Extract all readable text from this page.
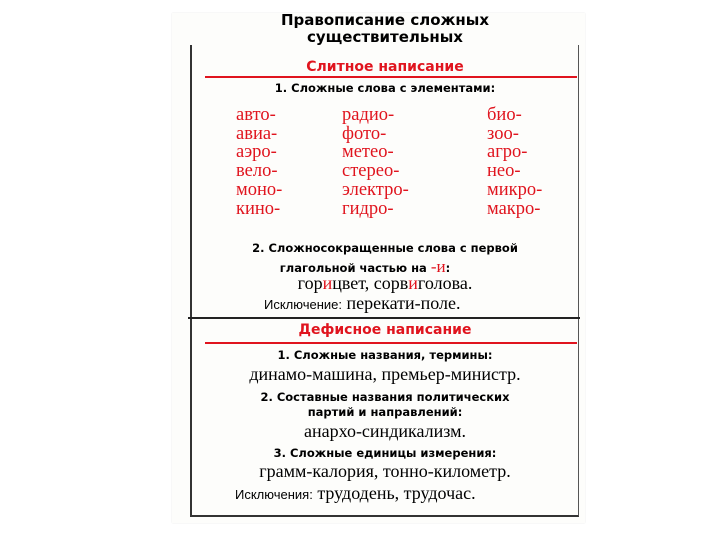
Правописание сложных
существительных
Слитное написание
1. Сложные слова с элементами:
авто-
авиа-
аэро-
вело-
моно-
кино-
радио-
фото-
метео-
стерео-
электро-
гидро-
био-
зоо-
агро-
нео-
микро-
макро-
2. Сложносокращенные слова с первой
глагольной частью на -и:
горицвет, сорвиголова.
Исключение: перекати-поле.
Дефисное написание
1. Сложные названия, термины:
динамо-машина, премьер-министр.
2. Составные названия политических
партий и направлений:
анархо-синдикализм.
3. Сложные единицы измерения:
грамм-калория, тонно-километр.
Исключения: трудодень, трудочас.
